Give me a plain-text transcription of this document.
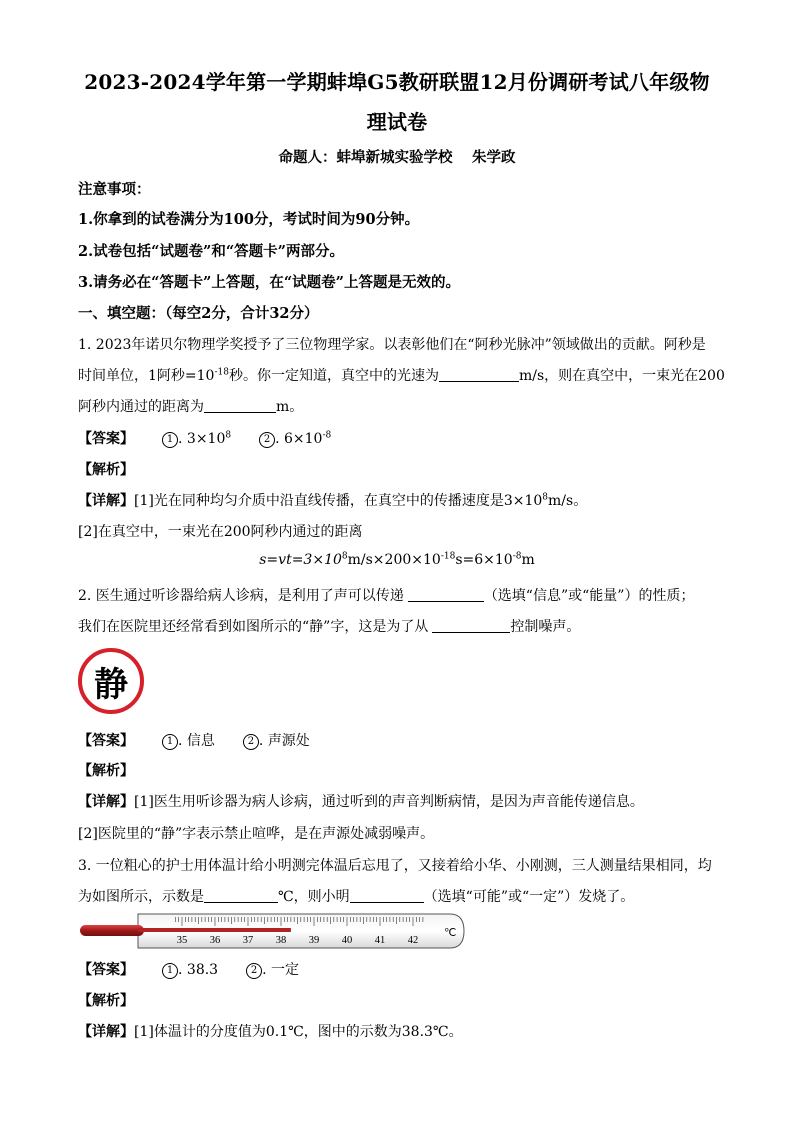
2023-2024学年第一学期蚌埠G5教研联盟12月份调研考试八年级物
理试卷
命题人：蚌埠新城实验学校　 朱学政
注意事项：
1.你拿到的试卷满分为100分，考试时间为90分钟。
2.试卷包括“试题卷”和“答题卡”两部分。
3.请务必在“答题卡”上答题，在“试题卷”上答题是无效的。
一、填空题：（每空2分，合计32分）
1. 2023年诺贝尔物理学奖授予了三位物理学家。以表彰他们在“阿秒光脉冲”领域做出的贡献。阿秒是
时间单位，1阿秒$=10^{-18}$秒。你一定知道，真空中的光速为	m/s，则在真空中，一束光在200
阿秒内通过的距离为	m。
【答案】	1 . $3\times 10^8$	2 . $6\times 10^{-8}$
【解析】
【详解】[1]光在同种均匀介质中沿直线传播，在真空中的传播速度是$3\times 10^8m/s$。
[2]在真空中，一束光在200阿秒内通过的距离
$s=vt=3\times 10^8m/s\times 200\times 10^{-18}s=6\times 10^{-8}m$
2. 医生通过听诊器给病人诊病，是利用了声可以传递	（选填“信息”或“能量”）的性质；
我们在医院里还经常看到如图所示的“静”字，这是为了从	控制噪声。
静
【答案】	1 . 信息	2 . 声源处
【解析】
【详解】[1]医生用听诊器为病人诊病，通过听到的声音判断病情，是因为声音能传递信息。
[2]医院里的“静”字表示禁止喧哗，是在声源处减弱噪声。
3. 一位粗心的护士用体温计给小明测完体温后忘甩了，又接着给小华、小刚测，三人测量结果相同，均
为如图所示，示数是	℃，则小明	（选填“可能”或“一定”）发烧了。
35 36 37 38 39 40 41 42
℃
【答案】	1 . 38.3	2 . 一定
【解析】
【详解】[1]体温计的分度值为0.1℃，图中的示数为38.3℃。
